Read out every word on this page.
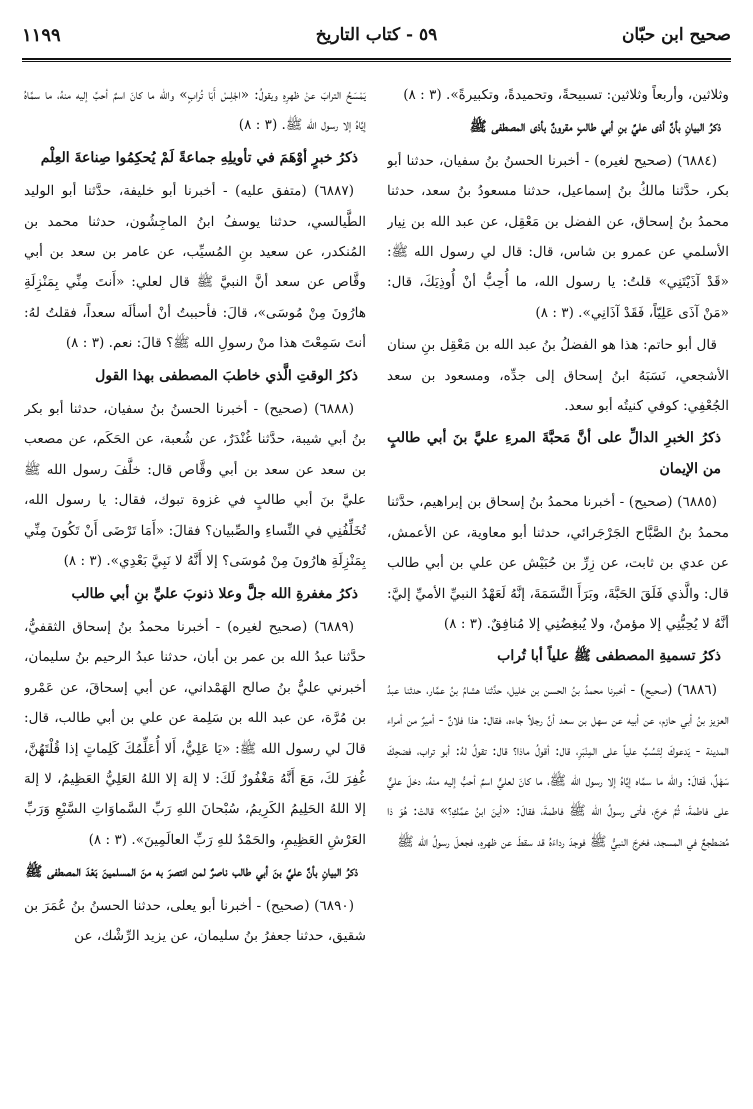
صحيح ابن حبّان
٥٩ - كتاب التاريخ
١١٩٩

وثلاثين، وأربعاً وثلاثين: تسبيحةً، وتحميدةً، وتكبيرةً». (٣ : ٨)

ذكرُ البيانِ بأنَّ أذى عليِّ بنِ أبي طالبٍ مقرونٌ بأذى المصطفى ﷺ

(٦٨٨٤) (صحيح لغيره) - أخبرنا الحسنُ بنُ سفيان، حدثنا أبو بكر، حدَّثنا مالكُ بنُ إسماعيل، حدثنا مسعودُ بنُ سعد، حدثنا محمدُ بنُ إسحاق، عن الفضل بن مَعْقِل، عن عبد الله بن نِيار الأسلمي عن عمرو بن شاس، قال: قال لي رسول الله ﷺ: «قَدْ آذَيْتَنِي» قلتُ: يا رسول الله، ما أُحِبُّ أنْ أُوذِيَكَ، قال: «مَنْ آذَى عَلِيّاً، فَقَدْ آذَانِي». (٣ : ٨)

قال أبو حاتم: هذا هو الفضلُ بنُ عبد الله بن مَعْقِل بنِ سنان الأشجعي، نَسَبَهُ ابنُ إسحاق إلى جدِّه، ومسعود بن سعد الجُعْفِي: كوفي كنيتُه أبو سعد.

ذكرُ الخبرِ الدالِّ على أنَّ مَحبَّةَ المرءِ عليَّ بنَ أبي طالبٍ من الإيمان

(٦٨٨٥) (صحيح) - أخبرنا محمدُ بنُ إسحاق بن إبراهيم، حدَّثنا محمدُ بنُ الصَّبَّاح الجَرْجَرائي، حدثنا أبو معاوية، عن الأعمش، عن عدي بن ثابت، عن زِرِّ بن حُبَيْش عن علي بن أبي طالب قال: والَّذي فَلَقَ الحَبَّةَ، وبَرَأَ النَّسَمَةَ، إنَّهُ لَعَهْدُ النبيِّ الأميِّ إليَّ: أنَّهُ لا يُحِبُّنِي إلا مؤمنٌ، ولا يُبغِضُنِي إلا مُنافِقٌ. (٣ : ٨)

ذكرُ تسميةِ المصطفى ﷺ علياً أبا تُراب

(٦٨٨٦) (صحيح) - أخبرنا محمدُ بنُ الحسن بن خليل، حدَّثنا هشامُ بنُ عمَّار، حدثنا عبدُ العزيز بنُ أبي حازم، عن أبيه عن سهل بن سعد أنَّ رجلاً جاءه، فقال: هذا فلانٌ - أميرٌ من أمراء المدينة - يَدعوكَ لِتَسُبَّ علياً على المِنْبَرِ، قال: أقولُ ماذا؟ قال: تقولُ لهُ: أبو تراب، فضحِكَ سَهْلٌ، فَقالَ: والله ما سمَّاه إيَّاهُ إلا رسول الله ﷺ، ما كانَ لعليٍّ اسمٌ أحبُّ إليه منهُ، دخلَ عليٌّ على فاطمةَ، ثُمَّ خرجَ، فأتى رسولُ الله ﷺ فاطمةَ، فقالَ: «أينَ ابنُ عمِّكِ؟» قالتْ: هُوَ ذا مُضطجعٌ في المسجد، فخرجَ النبيُّ ﷺ فوجدَ رداءَهُ قد سقطَ عن ظهرهِ، فجعلَ رسولُ الله ﷺ

يَمْسَحُ الترابَ عنْ ظهرِهِ ويقولُ: «اجْلِسْ أَبَا تُرابٍ» والله ما كانَ اسمٌ أحبَّ إليه منهُ، ما سمَّاهُ إيَّاهُ إلا رسول الله ﷺ. (٣ : ٨)

ذكرُ خبرٍ أوْهَمَ في تأويلِهِ جماعةً لَمْ يُحكِمُوا صِناعةَ العِلْم

(٦٨٨٧) (متفق عليه) - أخبرنا أبو خليفة، حدَّثنا أبو الوليد الطَّيالسي، حدثنا يوسفُ ابنُ الماجِشُون، حدثنا محمد بن المُنكدر، عن سعيد بنِ المُسيِّب، عن عامر بن سعد بن أبي وقَّاص عن سعد أنَّ النبيَّ ﷺ قال لعلي: «أَنتَ مِنِّي بِمَنْزِلَةِ هارُونَ مِنْ مُوسَى»، قالَ: فأحببتُ أنْ أسألَه سعداً، فقلتُ لهُ: أنتَ سَمِعْتَ هذا منْ رسولِ الله ﷺ؟ قالَ: نعم. (٣ : ٨)

ذكرُ الوقتِ الَّذي خاطبَ المصطفى بهذا القول

(٦٨٨٨) (صحيح) - أخبرنا الحسنُ بنُ سفيان، حدثنا أبو بكر بنُ أبي شيبة، حدَّثنا غُنْدَرٌ، عن شُعبة، عن الحَكَم، عن مصعب بن سعد عن سعد بن أبي وقَّاص قال: خلَّفَ رسول الله ﷺ عليَّ بنَ أبي طالبٍ في غزوة تبوك، فقال: يا رسول الله، تُخَلِّفُنِي في النِّساءِ والصِّبيان؟ فقالَ: «أَمَا تَرْضَى أَنْ تَكُونَ مِنِّي بِمَنْزِلَةِ هارُونَ مِنْ مُوسَى؟ إلا أَنَّهُ لا نَبِيَّ بَعْدِي». (٣ : ٨)

ذكرُ مغفرةِ الله جلَّ وعلا ذنوبَ عليِّ بنِ أبي طالب

(٦٨٨٩) (صحيح لغيره) - أخبرنا محمدُ بنُ إسحاق الثقفيُّ، حدَّثنا عبدُ الله بن عمر بن أبان، حدثنا عبدُ الرحيم بنُ سليمان، أخبرني عليُّ بنُ صالح الهَمْداني، عن أبي إسحاقَ، عن عَمْرو بن مُرَّة، عن عبد الله بن سَلِمة عن علي بن أبي طالب، قال: قالَ لي رسول الله ﷺ: «يَا عَلِيُّ، أَلا أُعَلِّمُكَ كَلِماتٍ إذا قُلْتَهُنَّ، غُفِرَ لكَ، مَعَ أَنَّهُ مَغْفُورٌ لَكَ: لا إلهَ إلا اللهُ العَلِيُّ العَظِيمُ، لا إلهَ إلا اللهُ الحَلِيمُ الكَرِيمُ، سُبْحانَ اللهِ رَبِّ السَّماوَاتِ السَّبْعِ وَرَبِّ العَرْشِ العَظِيمِ، والحَمْدُ للهِ رَبِّ العالَمِينَ». (٣ : ٨)

ذكرُ البيانِ بأنَّ عليَّ بنَ أبي طالب ناصرٌ لمن انتصرَ به منَ المسلمينَ بَعْدَ المصطفى ﷺ

(٦٨٩٠) (صحيح) - أخبرنا أبو يعلى، حدثنا الحسنُ بنُ عُمَرَ بن شقيق، حدثنا جعفرُ بنُ سليمان، عن يزيد الرِّشْك، عن
